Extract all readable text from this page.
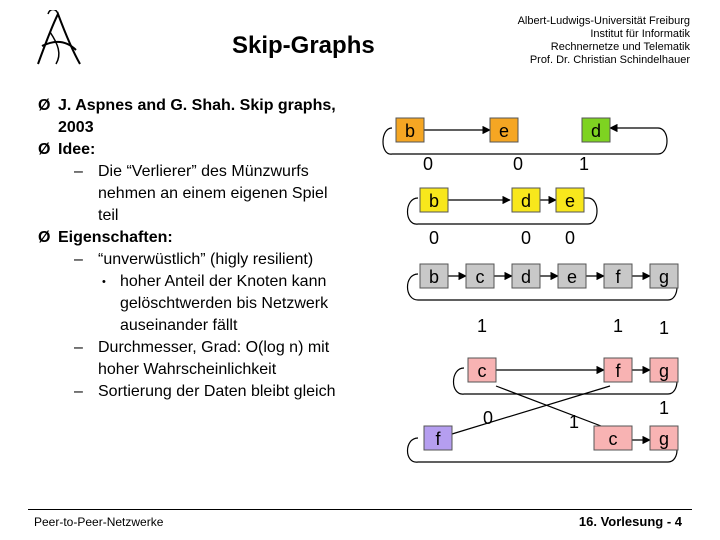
Skip-Graphs
Albert-Ludwigs-Universität Freiburg
Institut für Informatik
Rechnernetze und Telematik
Prof. Dr. Christian Schindelhauer
Ø J. Aspnes and G. Shah. Skip graphs, 2003
Ø Idee:
– Die “Verlierer” des Münzwurfs nehmen an einem eigenen Spiel teil
Ø Eigenschaften:
– “unverwüstlich” (higly resilient)
• hoher Anteil der Knoten kann gelöschtwerden bis Netzwerk auseinander fällt
– Durchmesser, Grad: O(log n) mit hoher Wahrscheinlichkeit
– Sortierung der Daten bleibt gleich
b	e	d
0	0	1
b	d e
0	0 0
b c d e f g
1	1 1
c	f g
0	1
1
f	c g
Peer-to-Peer-Netzwerke	16. Vorlesung - 4
